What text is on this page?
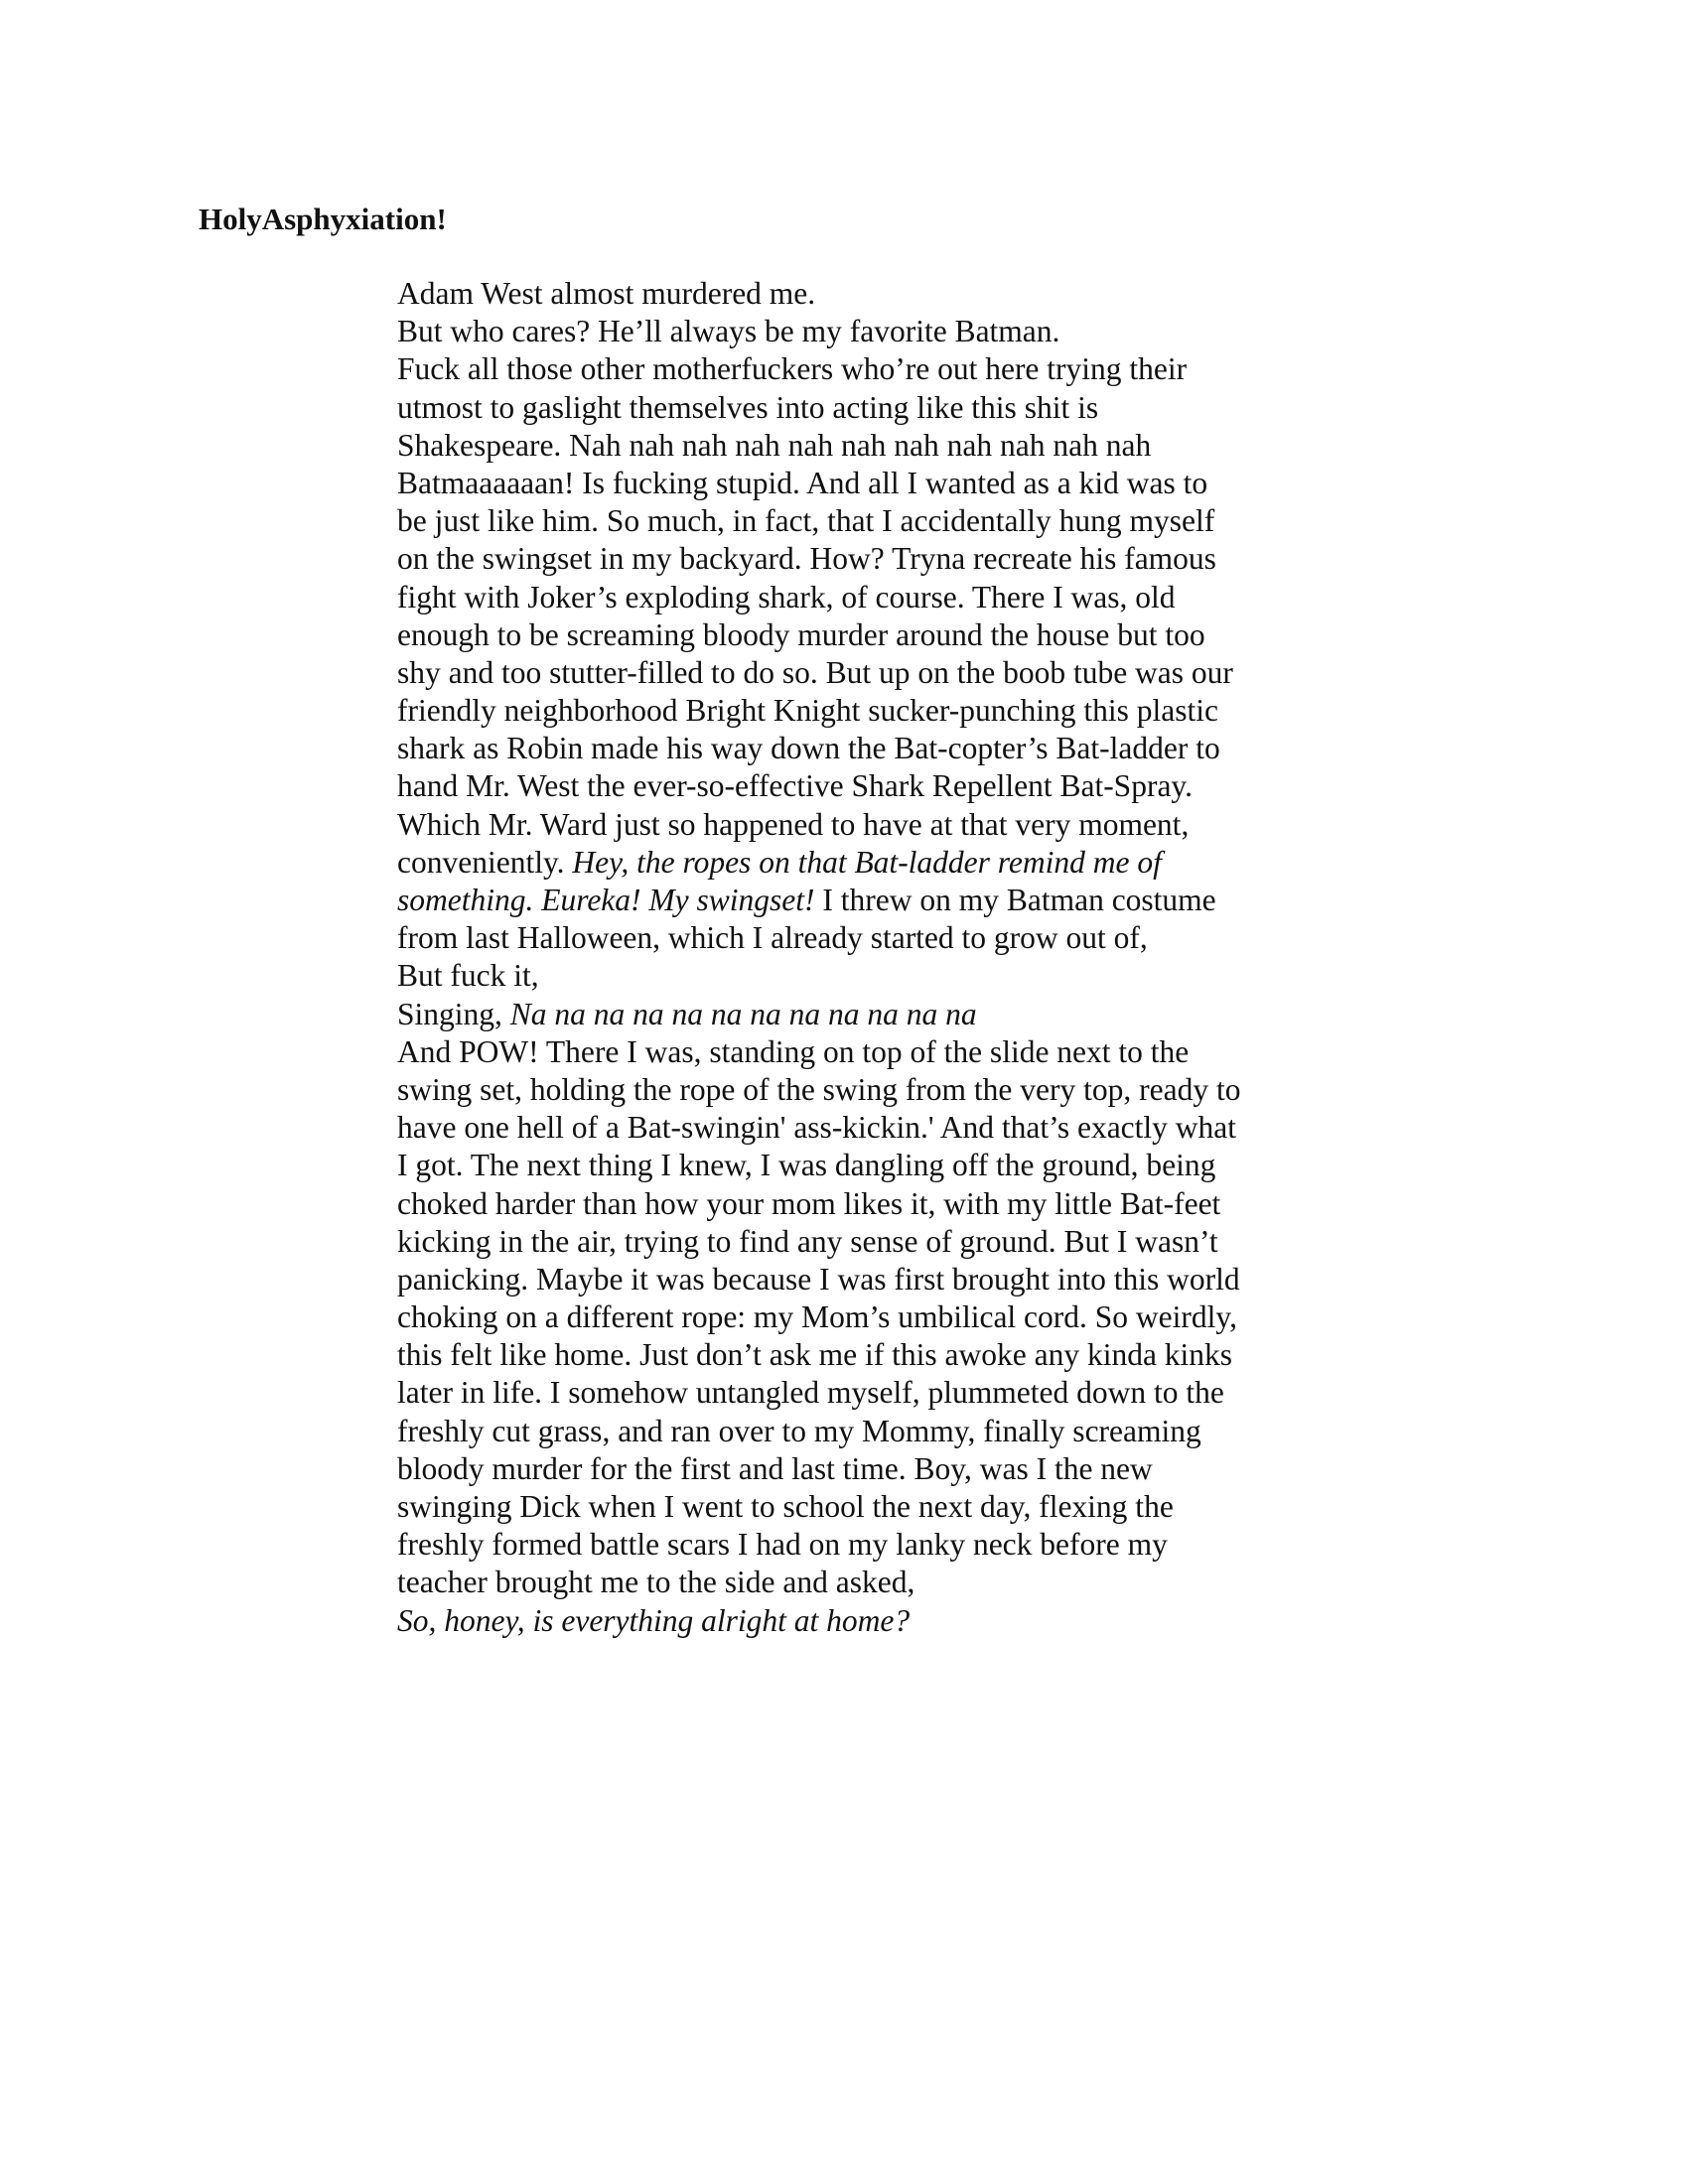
HolyAsphyxiation!
Adam West almost murdered me.
But who cares? He’ll always be my favorite Batman.
Fuck all those other motherfuckers who’re out here trying their
utmost to gaslight themselves into acting like this shit is
Shakespeare. Nah nah nah nah nah nah nah nah nah nah nah
Batmaaaaaan! Is fucking stupid. And all I wanted as a kid was to
be just like him. So much, in fact, that I accidentally hung myself
on the swingset in my backyard. How? Tryna recreate his famous
fight with Joker’s exploding shark, of course. There I was, old
enough to be screaming bloody murder around the house but too
shy and too stutter-filled to do so. But up on the boob tube was our
friendly neighborhood Bright Knight sucker-punching this plastic
shark as Robin made his way down the Bat-copter’s Bat-ladder to
hand Mr. West the ever-so-effective Shark Repellent Bat-Spray.
Which Mr. Ward just so happened to have at that very moment,
conveniently. Hey, the ropes on that Bat-ladder remind me of
something. Eureka! My swingset! I threw on my Batman costume
from last Halloween, which I already started to grow out of,
But fuck it,
Singing, Na na na na na na na na na na na na
And POW! There I was, standing on top of the slide next to the
swing set, holding the rope of the swing from the very top, ready to
have one hell of a Bat-swingin' ass-kickin.' And that’s exactly what
I got. The next thing I knew, I was dangling off the ground, being
choked harder than how your mom likes it, with my little Bat-feet
kicking in the air, trying to find any sense of ground. But I wasn’t
panicking. Maybe it was because I was first brought into this world
choking on a different rope: my Mom’s umbilical cord. So weirdly,
this felt like home. Just don’t ask me if this awoke any kinda kinks
later in life. I somehow untangled myself, plummeted down to the
freshly cut grass, and ran over to my Mommy, finally screaming
bloody murder for the first and last time. Boy, was I the new
swinging Dick when I went to school the next day, flexing the
freshly formed battle scars I had on my lanky neck before my
teacher brought me to the side and asked,
So, honey, is everything alright at home?
